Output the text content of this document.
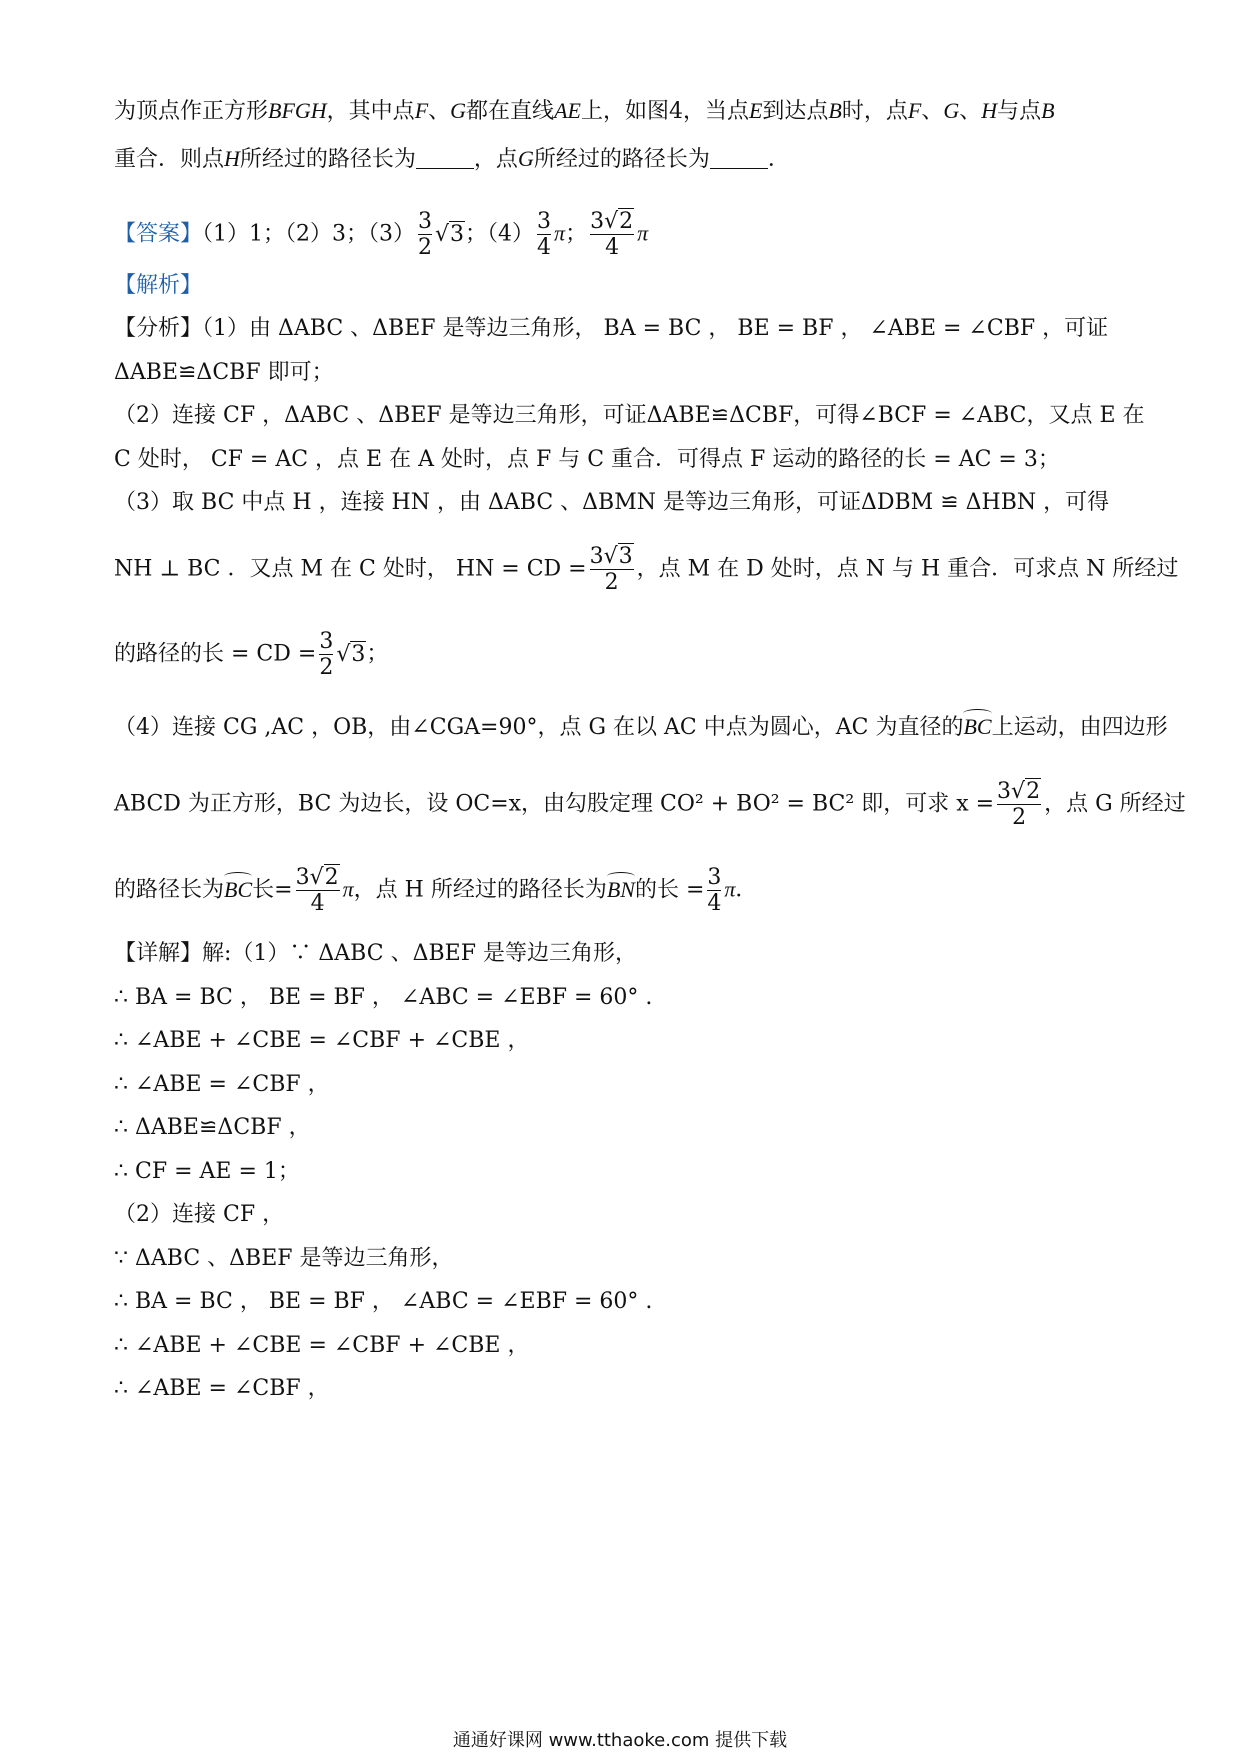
为顶点作正方形BFGH，其中点F、G都在直线AE上，如图4，当点E到达点B时，点F、G、H与点B
重合．则点H所经过的路径长为	，点G所经过的路径长为	．
【答案】（1）1；（2）3；$(3) \frac{3}{2} √3$；$(4) \frac{3}{4}$ π； $\frac{3√2}{4}$ π
【解析】
【分析】（1）由 ΔABC 、ΔBEF 是等边三角形， BA = BC ， BE = BF ， ∠ABE = ∠CBF ，可证
ΔABE≌ΔCBF 即可；
（2）连接 CF ，ΔABC 、ΔBEF 是等边三角形，可证ΔABE≌ΔCBF，可得∠BCF = ∠ABC，又点 E 在
C 处时， CF = AC ，点 E 在 A 处时，点 F 与 C 重合．可得点 F 运动的路径的长 = AC = 3；
（3）取 BC 中点 H ，连接 HN ，由 ΔABC 、ΔBMN 是等边三角形，可证ΔDBM ≌ ΔHBN ，可得
NH ⊥ BC ．又点 M 在 C 处时， HN = CD = $\frac{3√3}{2}$ ，点 M 在 D 处时，点 N 与 H 重合．可求点 N 所经过
的路径的长 = CD = $\frac{3}{2} √3$；
（4）连接 CG ,AC ，OB，由∠CGA=90°，点 G 在以 AC 中点为圆心，AC 为直径的BC上运动，由四边形
ABCD 为正方形，BC 为边长，设 OC=x，由勾股定理 CO² + BO² = BC² 即，可求 $x = \frac{3√2}{2}$ ，点 G 所经过
的路径长为BC长= $\frac{3√2}{4}$ π，点 H 所经过的路径长为BN的长 = $\frac{3}{4}$ π．
【详解】解:（1）∵ ΔABC 、ΔBEF 是等边三角形，
∴ BA = BC ， BE = BF ， ∠ABC = ∠EBF = 60° .
∴ ∠ABE + ∠CBE = ∠CBF + ∠CBE ，
∴ ∠ABE = ∠CBF ，
∴ ΔABE≌ΔCBF ，
∴ CF = AE = 1；
（2）连接 CF ，
∵ ΔABC 、ΔBEF 是等边三角形，
∴ BA = BC ， BE = BF ， ∠ABC = ∠EBF = 60° .
∴ ∠ABE + ∠CBE = ∠CBF + ∠CBE ，
∴ ∠ABE = ∠CBF ，
通通好课网 www.tthaoke.com 提供下载
